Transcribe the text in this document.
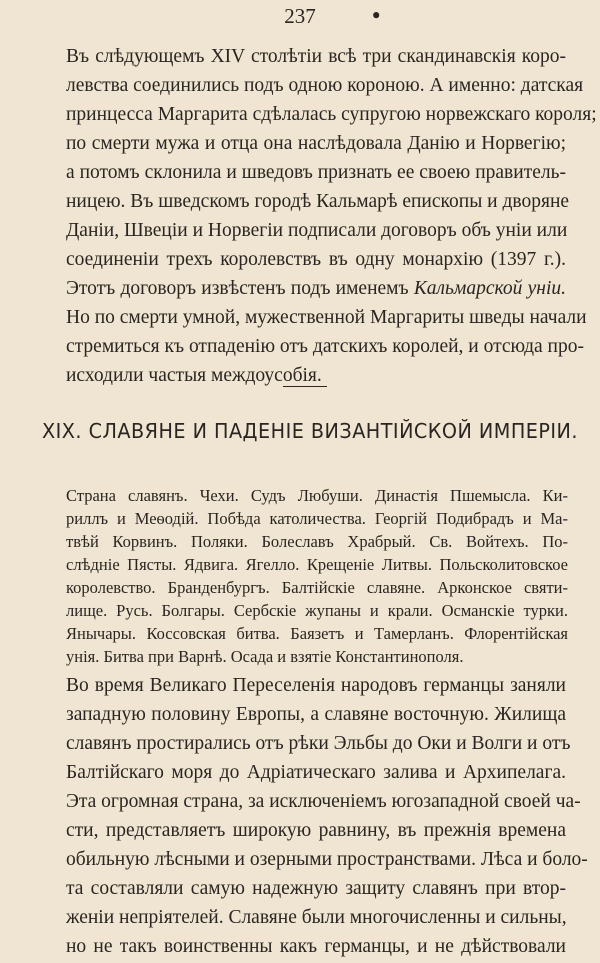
237	•
Въ слѣдующемъ XIV столѣтіи всѣ три скандинавскія коро-
левства соединились подъ одною короною. А именно: датская
принцесса Маргарита сдѣлалась супругою норвежскаго короля;
по смерти мужа и отца она наслѣдовала Данію и Норвегію;
а потомъ склонила и шведовъ признать ее своею правитель-
ницею. Въ шведскомъ городѣ Кальмарѣ епископы и дворяне
Даніи, Швеціи и Норвегіи подписали договоръ объ уніи или
соединеніи трехъ королевствъ въ одну монархію (1397 г.).
Этотъ договоръ извѣстенъ подъ именемъ Кальмарской уніи.
Но по смерти умной, мужественной Маргариты шведы начали
стремиться къ отпаденію отъ датскихъ королей, и отсюда про-
исходили частыя междоусобія.
XIX. СЛАВЯНЕ И ПАДЕНІЕ ВИЗАНТІЙСКОЙ ИМПЕРІИ.
Страна славянъ. Чехи. Судъ Любуши. Династія Пшемысла. Ки-
риллъ и Меѳодій. Побѣда католичества. Георгій Подибрадъ и Ма-
твѣй Корвинъ. Поляки. Болеславъ Храбрый. Св. Войтехъ. По-
слѣдніе Пясты. Ядвига. Ягелло. Крещеніе Литвы. Польсколитовское
королевство. Бранденбургъ. Балтійскіе славяне. Арконское святи-
лище. Русь. Болгары. Сербскіе жупаны и крали. Османскіе турки.
Янычары. Коссовская битва. Баязетъ и Тамерланъ. Флорентійская
унія. Битва при Варнѣ. Осада и взятіе Константинополя.
Во время Великаго Переселенія народовъ германцы заняли
западную половину Европы, а славяне восточную. Жилища
славянъ простирались отъ рѣки Эльбы до Оки и Волги и отъ
Балтійскаго моря до Адріатическаго залива и Архипелага.
Эта огромная страна, за исключеніемъ югозападной своей ча-
сти, представляетъ широкую равнину, въ прежнія времена
обильную лѣсными и озерными пространствами. Лѣса и боло-
та составляли самую надежную защиту славянъ при втор-
женіи непріятелей. Славяне были многочисленны и сильны,
но не такъ воинственны какъ германцы, и не дѣйствовали
